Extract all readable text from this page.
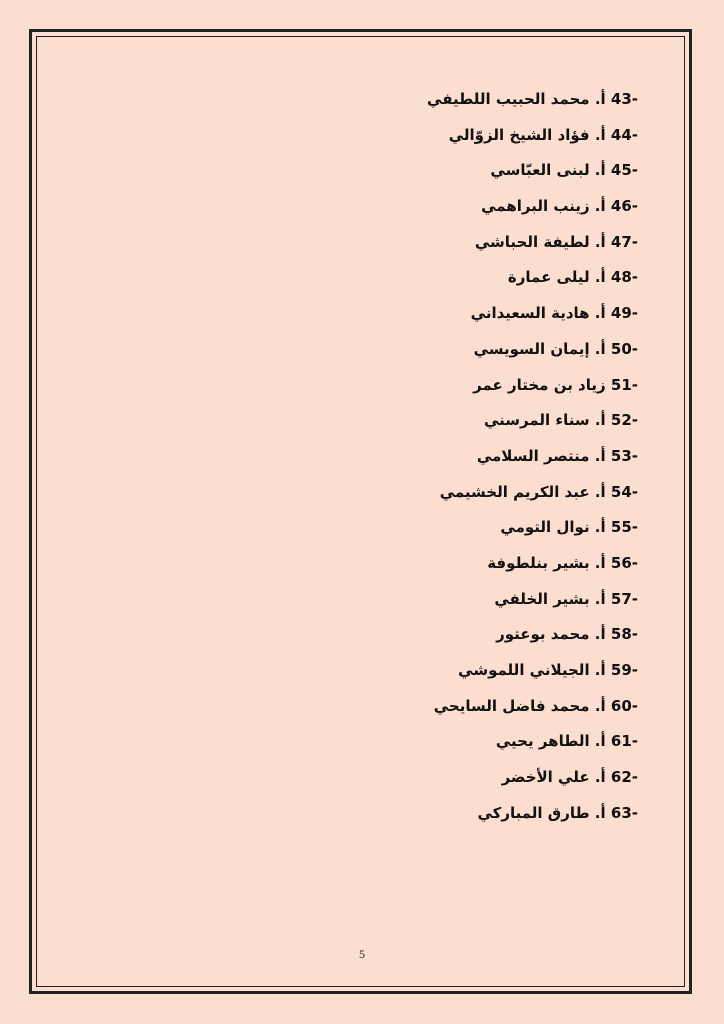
43- أ. محمد الحبيب اللطيفي
44- أ. فؤاد الشيخ الزوّالي
45- أ. لبنى العبّاسي
46- أ. زينب البراهمي
47- أ. لطيفة الحباشي
48- أ. ليلى عمارة
49- أ. هادية السعيداني
50- أ. إيمان السويسي
51- زياد بن مختار عمر
52- أ. سناء المرسني
53- أ. منتصر السلامي
54- أ. عبد الكريم الخشيمي
55- أ. نوال التومي
56- أ. بشير بنلطوفة
57- أ. بشير الخلفي
58- أ. محمد بوعتور
59- أ. الجيلاني اللموشي
60- أ. محمد فاضل السايحي
61- أ. الطاهر يحيي
62- أ. علي الأخضر
63- أ. طارق المباركي
5
